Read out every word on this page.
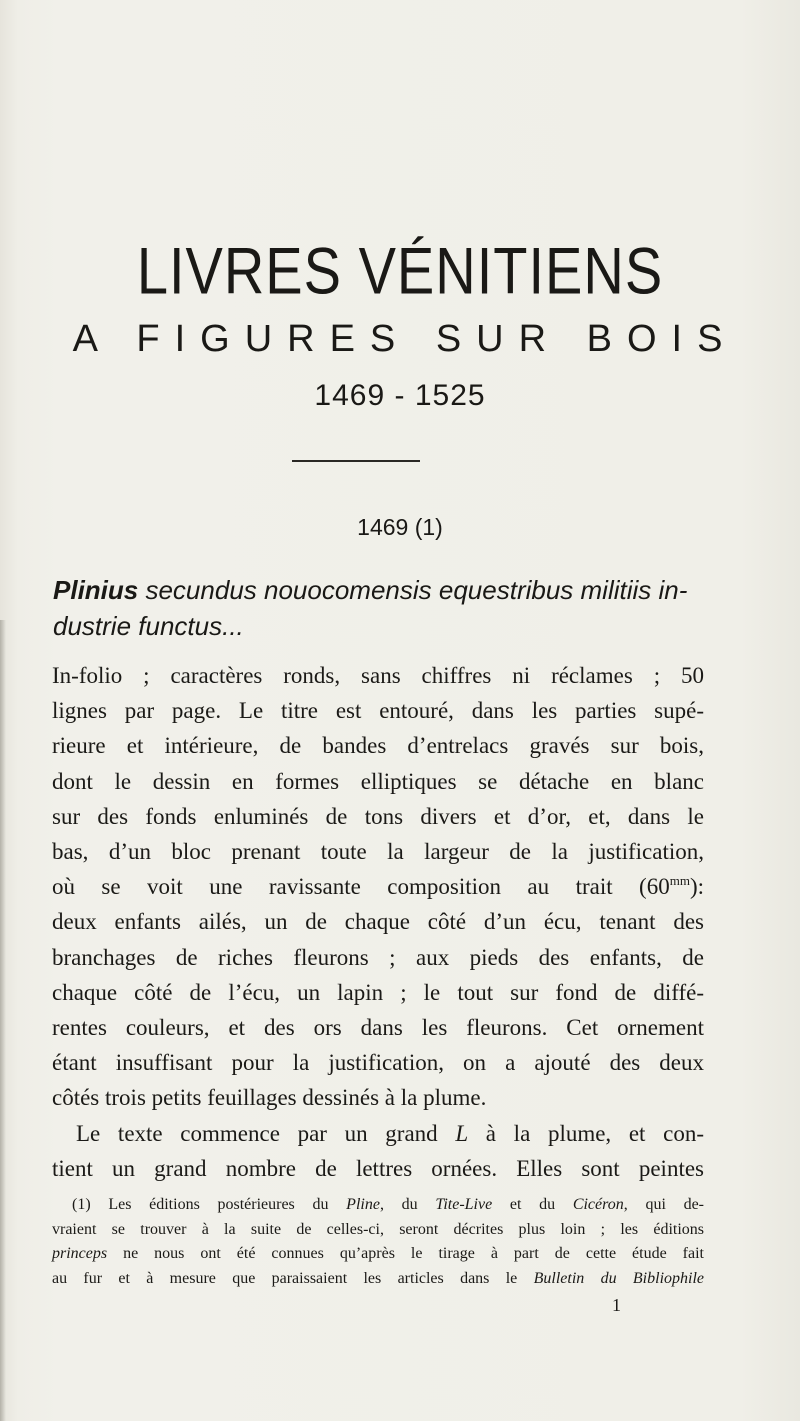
LIVRES VÉNITIENS
A FIGURES SUR BOIS
1469 - 1525
1469 (1)
Plinius secundus nouocomensis equestribus militiis in-
dustrie functus...
In-folio ; caractères ronds, sans chiffres ni réclames ; 50
lignes par page. Le titre est entouré, dans les parties supé-
rieure et intérieure, de bandes d’entrelacs gravés sur bois,
dont le dessin en formes elliptiques se détache en blanc
sur des fonds enluminés de tons divers et d’or, et, dans le
bas, d’un bloc prenant toute la largeur de la justification,
où se voit une ravissante composition au trait $(60^{mm})$:
deux enfants ailés, un de chaque côté d’un écu, tenant des
branchages de riches fleurons ; aux pieds des enfants, de
chaque côté de l’écu, un lapin ; le tout sur fond de diffé-
rentes couleurs, et des ors dans les fleurons. Cet ornement
étant insuffisant pour la justification, on a ajouté des deux
côtés trois petits feuillages dessinés à la plume.
Le texte commence par un grand L à la plume, et con-
tient un grand nombre de lettres ornées. Elles sont peintes
(1) Les éditions postérieures du Pline, du Tite-Live et du Cicéron, qui de-
vraient se trouver à la suite de celles-ci, seront décrites plus loin ; les éditions
princeps ne nous ont été connues qu’après le tirage à part de cette étude fait
au fur et à mesure que paraissaient les articles dans le Bulletin du Bibliophile
1
